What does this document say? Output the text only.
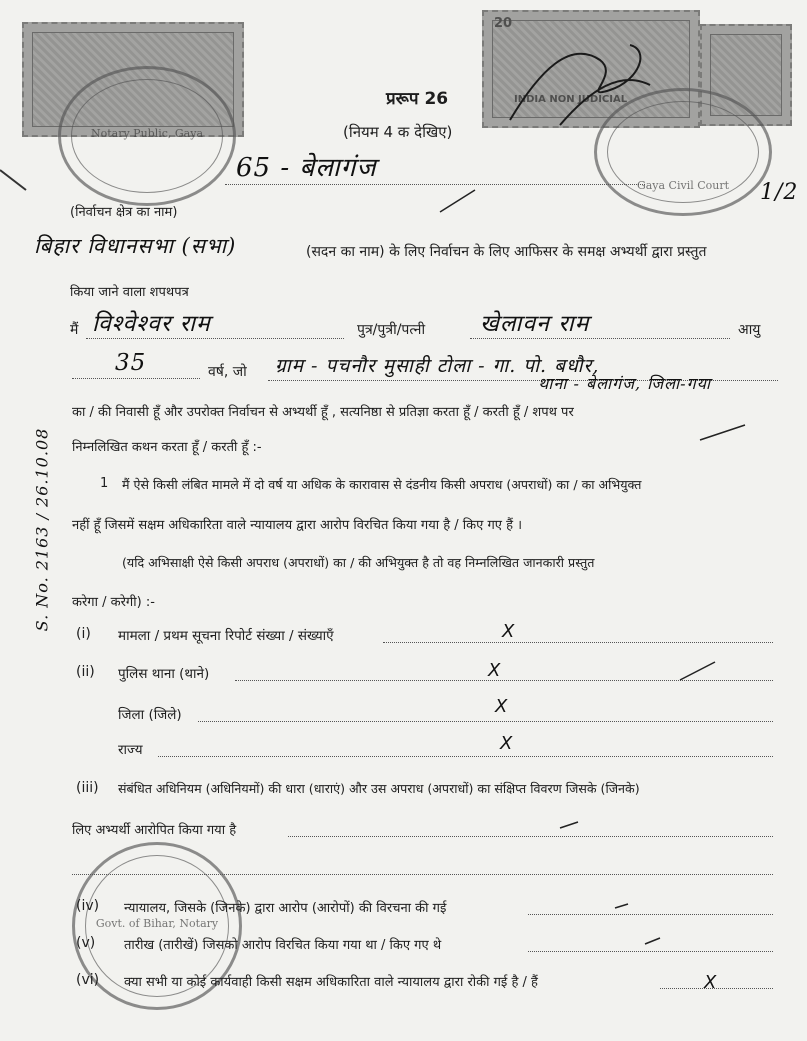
20
INDIA NON JUDICIAL
Notary Public, Gaya
Gaya Civil Court
Govt. of Bihar, Notary
प्ररूप 26
(नियम 4 क देखिए)
65 - बेलागंज
(निर्वाचन क्षेत्र का नाम)
1/2
बिहार विधानसभा (सभा)	(सदन का नाम) के लिए निर्वाचन के लिए आफिसर के समक्ष अभ्यर्थी द्वारा प्रस्तुत
किया जाने वाला शपथपत्र
मैं विश्वेश्वर राम	पुत्र/पुत्री/पत्नी खेलावन राम	आयु
35	वर्ष, जो ग्राम - पचनौर मुसाही टोला - गा. पो. बधौर,
थाना - बेलागंज, जिला-गया
का / की निवासी हूँ और उपरोक्त निर्वाचन से अभ्यर्थी हूँ , सत्यनिष्ठा से प्रतिज्ञा करता हूँ / करती हूँ / शपथ पर
निम्नलिखित कथन करता हूँ / करती हूँ :-
S. No. 2163 / 26.10.08	1 मैं ऐसे किसी लंबित मामले में दो वर्ष या अधिक के कारावास से दंडनीय किसी अपराध (अपराधों) का / का अभियुक्त
नहीं हूँ जिसमें सक्षम अधिकारिता वाले न्यायालय द्वारा आरोप विरचित किया गया है / किए गए हैं ।
(यदि अभिसाक्षी ऐसे किसी अपराध (अपराधों) का / की अभियुक्त है तो वह निम्नलिखित जानकारी प्रस्तुत
करेगा / करेगी) :-
(i) मामला / प्रथम सूचना रिपोर्ट संख्या / संख्याएँ	X
(ii) पुलिस थाना (थाने)	X
जिला (जिले)	X
राज्य	X
(iii) संबंधित अधिनियम (अधिनियमों) की धारा (धाराएं) और उस अपराध (अपराधों) का संक्षिप्त विवरण जिसके (जिनके)
लिए अभ्यर्थी आरोपित किया गया है
(iv) न्यायालय, जिसके (जिनके) द्वारा आरोप (आरोपों) की विरचना की गई
(v) तारीख (तारीखें) जिसको आरोप विरचित किया गया था / किए गए थे
(vi) क्या सभी या कोई कार्यवाही किसी सक्षम अधिकारिता वाले न्यायालय द्वारा रोकी गई है / हैं	X
